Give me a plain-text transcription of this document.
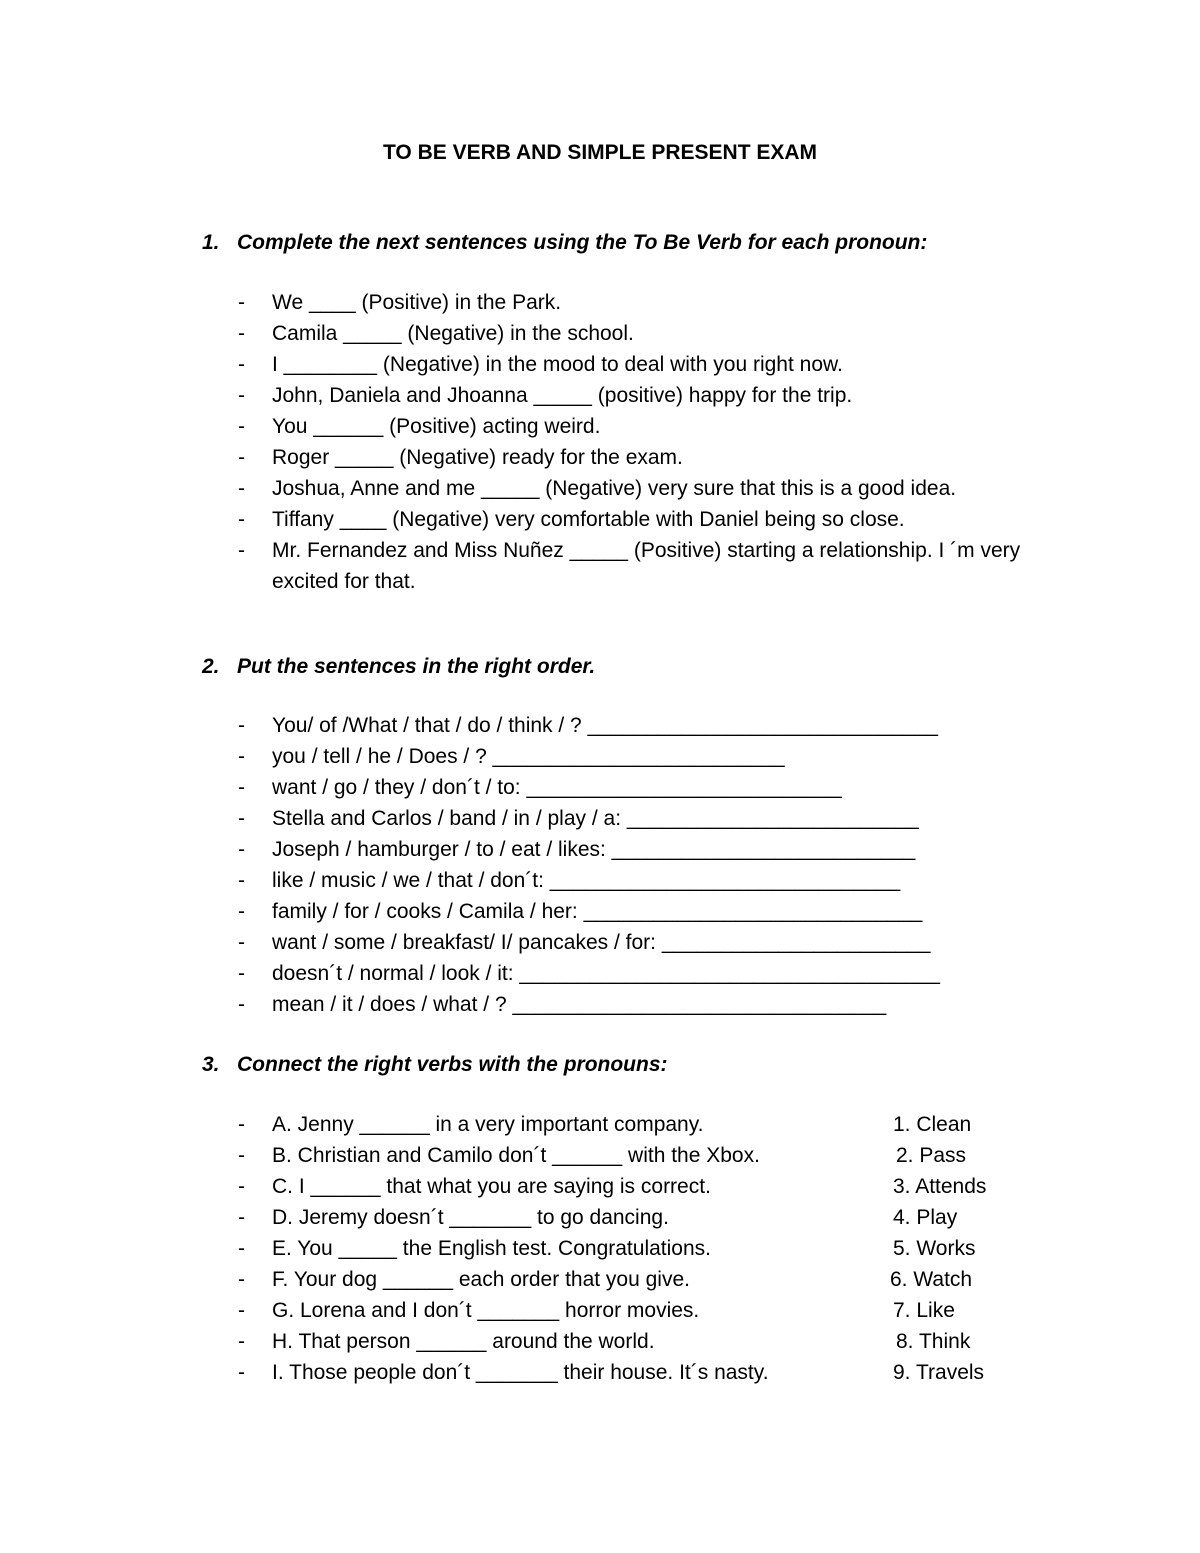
TO BE VERB AND SIMPLE PRESENT EXAM
1. Complete the next sentences using the To Be Verb for each pronoun:
- We ____ (Positive) in the Park.
- Camila _____ (Negative) in the school.
- I ________ (Negative) in the mood to deal with you right now.
- John, Daniela and Jhoanna _____ (positive) happy for the trip.
- You ______ (Positive) acting weird.
- Roger _____ (Negative) ready for the exam.
- Joshua, Anne and me _____ (Negative) very sure that this is a good idea.
- Tiffany ____ (Negative) very comfortable with Daniel being so close.
- Mr. Fernandez and Miss Nuñez _____ (Positive) starting a relationship. I ´m very excited for that.
2. Put the sentences in the right order.
- You/ of /What / that / do / think / ? ______________________________
- you / tell / he / Does / ? _________________________
- want / go / they / don´t / to: ___________________________
- Stella and Carlos / band / in / play / a: _________________________
- Joseph / hamburger / to / eat / likes: __________________________
- like / music / we / that / don´t: ______________________________
- family / for / cooks / Camila / her: _____________________________
- want / some / breakfast/ I/ pancakes / for: _______________________
- doesn´t / normal / look / it: ____________________________________
- mean / it / does / what / ? ________________________________
3. Connect the right verbs with the pronouns:
- A. Jenny ______ in a very important company.	1. Clean
- B. Christian and Camilo don´t ______ with the Xbox.	2. Pass
- C. I ______ that what you are saying is correct.	3. Attends
- D. Jeremy doesn´t _______ to go dancing.	4. Play
- E. You _____ the English test. Congratulations.	5. Works
- F. Your dog ______ each order that you give.	6. Watch
- G. Lorena and I don´t _______ horror movies.	7. Like
- H. That person ______ around the world.	8. Think
- I. Those people don´t _______ their house. It´s nasty.	9. Travels
